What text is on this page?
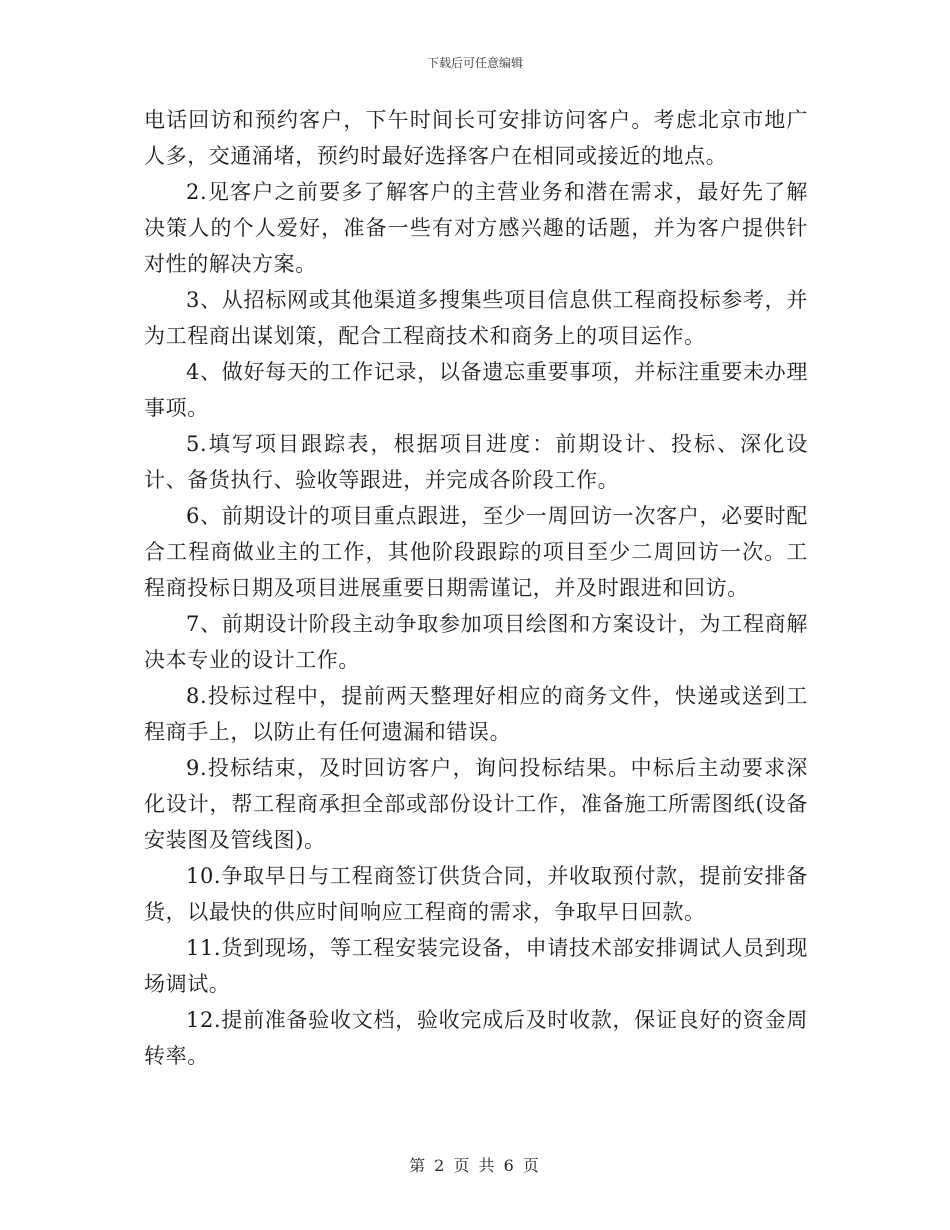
下载后可任意编辑

电话回访和预约客户，下午时间长可安排访问客户。考虑北京市地广人多，交通涌堵，预约时最好选择客户在相同或接近的地点。

2.见客户之前要多了解客户的主营业务和潜在需求，最好先了解决策人的个人爱好，准备一些有对方感兴趣的话题，并为客户提供针对性的解决方案。

3、从招标网或其他渠道多搜集些项目信息供工程商投标参考，并为工程商出谋划策，配合工程商技术和商务上的项目运作。

4、做好每天的工作记录，以备遗忘重要事项，并标注重要未办理事项。

5.填写项目跟踪表，根据项目进度：前期设计、投标、深化设计、备货执行、验收等跟进，并完成各阶段工作。

6、前期设计的项目重点跟进，至少一周回访一次客户，必要时配合工程商做业主的工作，其他阶段跟踪的项目至少二周回访一次。工程商投标日期及项目进展重要日期需谨记，并及时跟进和回访。

7、前期设计阶段主动争取参加项目绘图和方案设计，为工程商解决本专业的设计工作。

8.投标过程中，提前两天整理好相应的商务文件，快递或送到工程商手上，以防止有任何遗漏和错误。

9.投标结束，及时回访客户，询问投标结果。中标后主动要求深化设计，帮工程商承担全部或部份设计工作，准备施工所需图纸(设备安装图及管线图)。

10.争取早日与工程商签订供货合同，并收取预付款，提前安排备货，以最快的供应时间响应工程商的需求，争取早日回款。

11.货到现场，等工程安装完设备，申请技术部安排调试人员到现场调试。

12.提前准备验收文档，验收完成后及时收款，保证良好的资金周转率。

第 2 页 共 6 页
